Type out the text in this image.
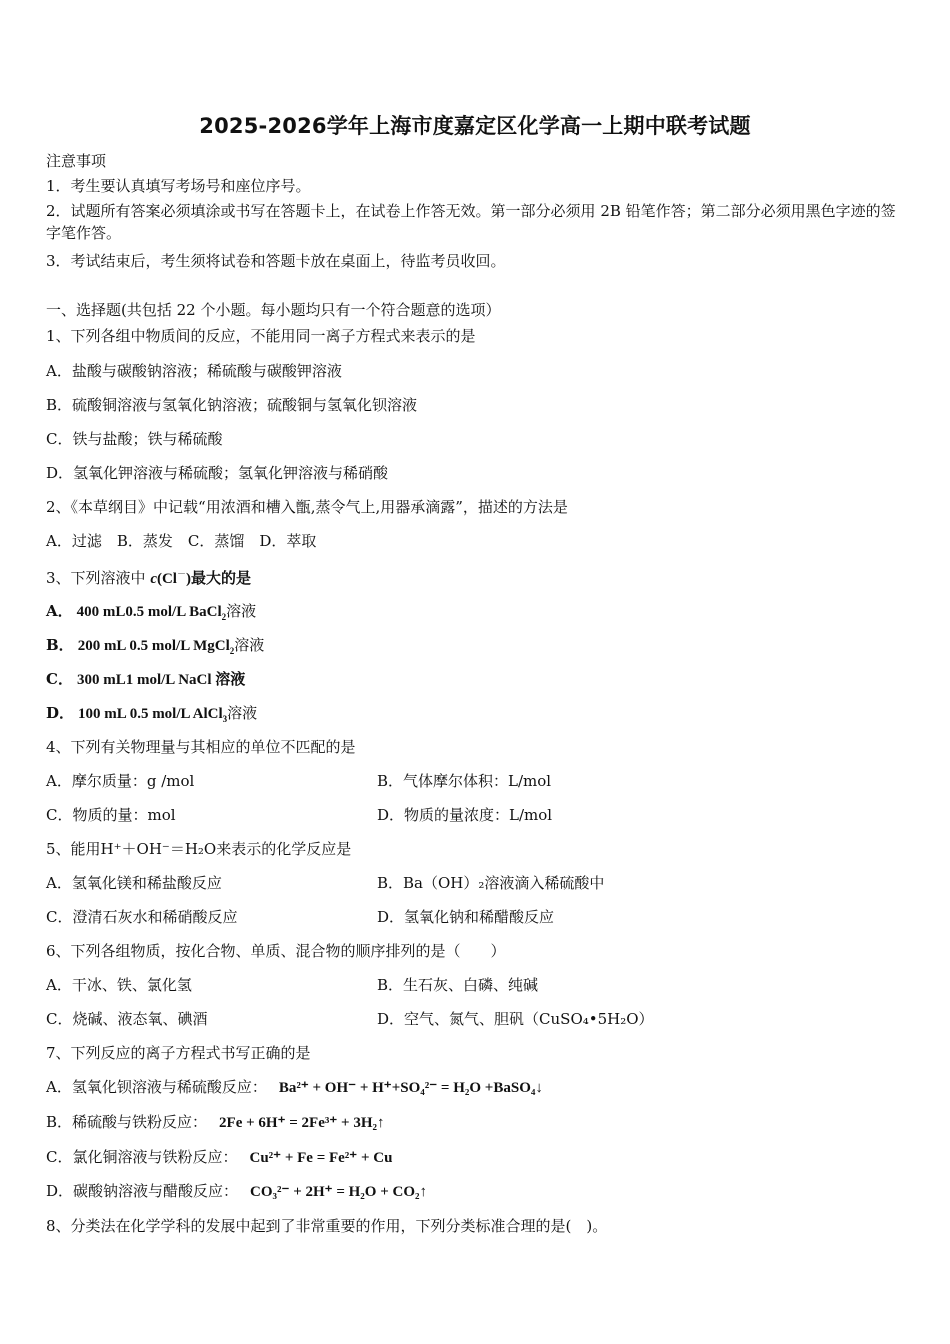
2025-2026学年上海市度嘉定区化学高一上期中联考试题
注意事项
1．考生要认真填写考场号和座位序号。
2．试题所有答案必须填涂或书写在答题卡上，在试卷上作答无效。第一部分必须用 2B 铅笔作答；第二部分必须用黑色字迹的签字笔作答。
3．考试结束后，考生须将试卷和答题卡放在桌面上，待监考员收回。
一、选择题(共包括 22 个小题。每小题均只有一个符合题意的选项）
1、下列各组中物质间的反应，不能用同一离子方程式来表示的是
A．盐酸与碳酸钠溶液；稀硫酸与碳酸钾溶液
B．硫酸铜溶液与氢氧化钠溶液；硫酸铜与氢氧化钡溶液
C．铁与盐酸；铁与稀硫酸
D．氢氧化钾溶液与稀硫酸；氢氧化钾溶液与稀硝酸
2、《本草纲目》中记载“用浓酒和槽入甑,蒸令气上,用器承滴露”，描述的方法是
A．过滤　B．蒸发　C．蒸馏　D．萃取
3、下列溶液中 c(Cl－)最大的是
A． 400 mL0.5 mol/L BaCl$_2$溶液
B． 200 mL 0.5 mol/L MgCl$_2$溶液
C． 300 mL1 mol/L NaCl 溶液
D． 100 mL 0.5 mol/L AlCl$_3$溶液
4、下列有关物理量与其相应的单位不匹配的是
A．摩尔质量：g /mol	B．气体摩尔体积：L/mol
C．物质的量：mol	D．物质的量浓度：L/mol
5、能用H⁺＋OH⁻＝H₂O来表示的化学反应是
A．氢氧化镁和稀盐酸反应	B．Ba（OH）₂溶液滴入稀硫酸中
C．澄清石灰水和稀硝酸反应	D．氢氧化钠和稀醋酸反应
6、下列各组物质，按化合物、单质、混合物的顺序排列的是（　　）
A．干冰、铁、氯化氢	B．生石灰、白磷、纯碱
C．烧碱、液态氧、碘酒	D．空气、氮气、胆矾（CuSO₄•5H₂O）
7、下列反应的离子方程式书写正确的是
A．氢氧化钡溶液与稀硫酸反应： Ba²⁺ + OH⁻ + H⁺+SO₄²⁻ = H₂O +BaSO₄↓
B．稀硫酸与铁粉反应： 2Fe + 6H⁺ = 2Fe³⁺ + 3H₂↑
C．氯化铜溶液与铁粉反应： Cu²⁺ + Fe = Fe²⁺ + Cu
D．碳酸钠溶液与醋酸反应： CO₃²⁻ + 2H⁺ = H₂O + CO₂↑
8、分类法在化学学科的发展中起到了非常重要的作用，下列分类标准合理的是(　)。
